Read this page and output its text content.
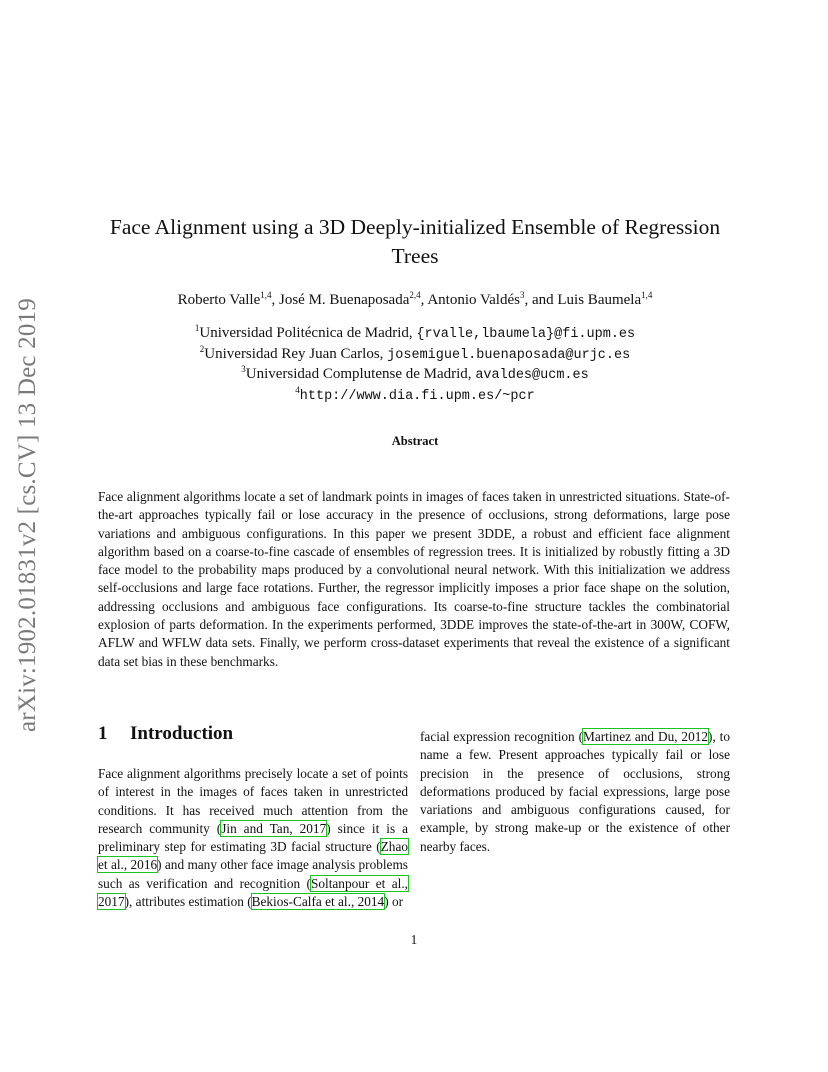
arXiv:1902.01831v2 [cs.CV] 13 Dec 2019
Face Alignment using a 3D Deeply-initialized Ensemble of Regression Trees
Roberto Valle$^{1,4}$, José M. Buenaposada$^{2,4}$, Antonio Valdés$^3$, and Luis Baumela$^{1,4}$
$^1$Universidad Politécnica de Madrid, {rvalle,lbaumela}@fi.upm.es
$^2$Universidad Rey Juan Carlos, josemiguel.buenaposada@urjc.es
$^3$Universidad Complutense de Madrid, avaldes@ucm.es
$^4$http://www.dia.fi.upm.es/~pcr
Abstract
Face alignment algorithms locate a set of landmark points in images of faces taken in unrestricted situations. State-of-the-art approaches typically fail or lose accuracy in the presence of occlusions, strong deformations, large pose variations and ambiguous configurations. In this paper we present 3DDE, a robust and efficient face alignment algorithm based on a coarse-to-fine cascade of ensembles of regression trees. It is initialized by robustly fitting a 3D face model to the probability maps produced by a convolutional neural network. With this initialization we address self-occlusions and large face rotations. Further, the regressor implicitly imposes a prior face shape on the solution, addressing occlusions and ambiguous face configurations. Its coarse-to-fine structure tackles the combinatorial explosion of parts deformation. In the experiments performed, 3DDE improves the state-of-the-art in 300W, COFW, AFLW and WFLW data sets. Finally, we perform cross-dataset experiments that reveal the existence of a significant data set bias in these benchmarks.
1 Introduction
Face alignment algorithms precisely locate a set of points of interest in the images of faces taken in unrestricted conditions. It has received much attention from the research community (Jin and Tan, 2017) since it is a preliminary step for estimating 3D facial structure (Zhao et al., 2016) and many other face image analysis problems such as verification and recognition (Soltanpour et al., 2017), attributes estimation (Bekios-Calfa et al., 2014) or
facial expression recognition (Martinez and Du, 2012), to name a few. Present approaches typically fail or lose precision in the presence of occlusions, strong deformations produced by facial expressions, large pose variations and ambiguous configurations caused, for example, by strong make-up or the existence of other nearby faces.
1
